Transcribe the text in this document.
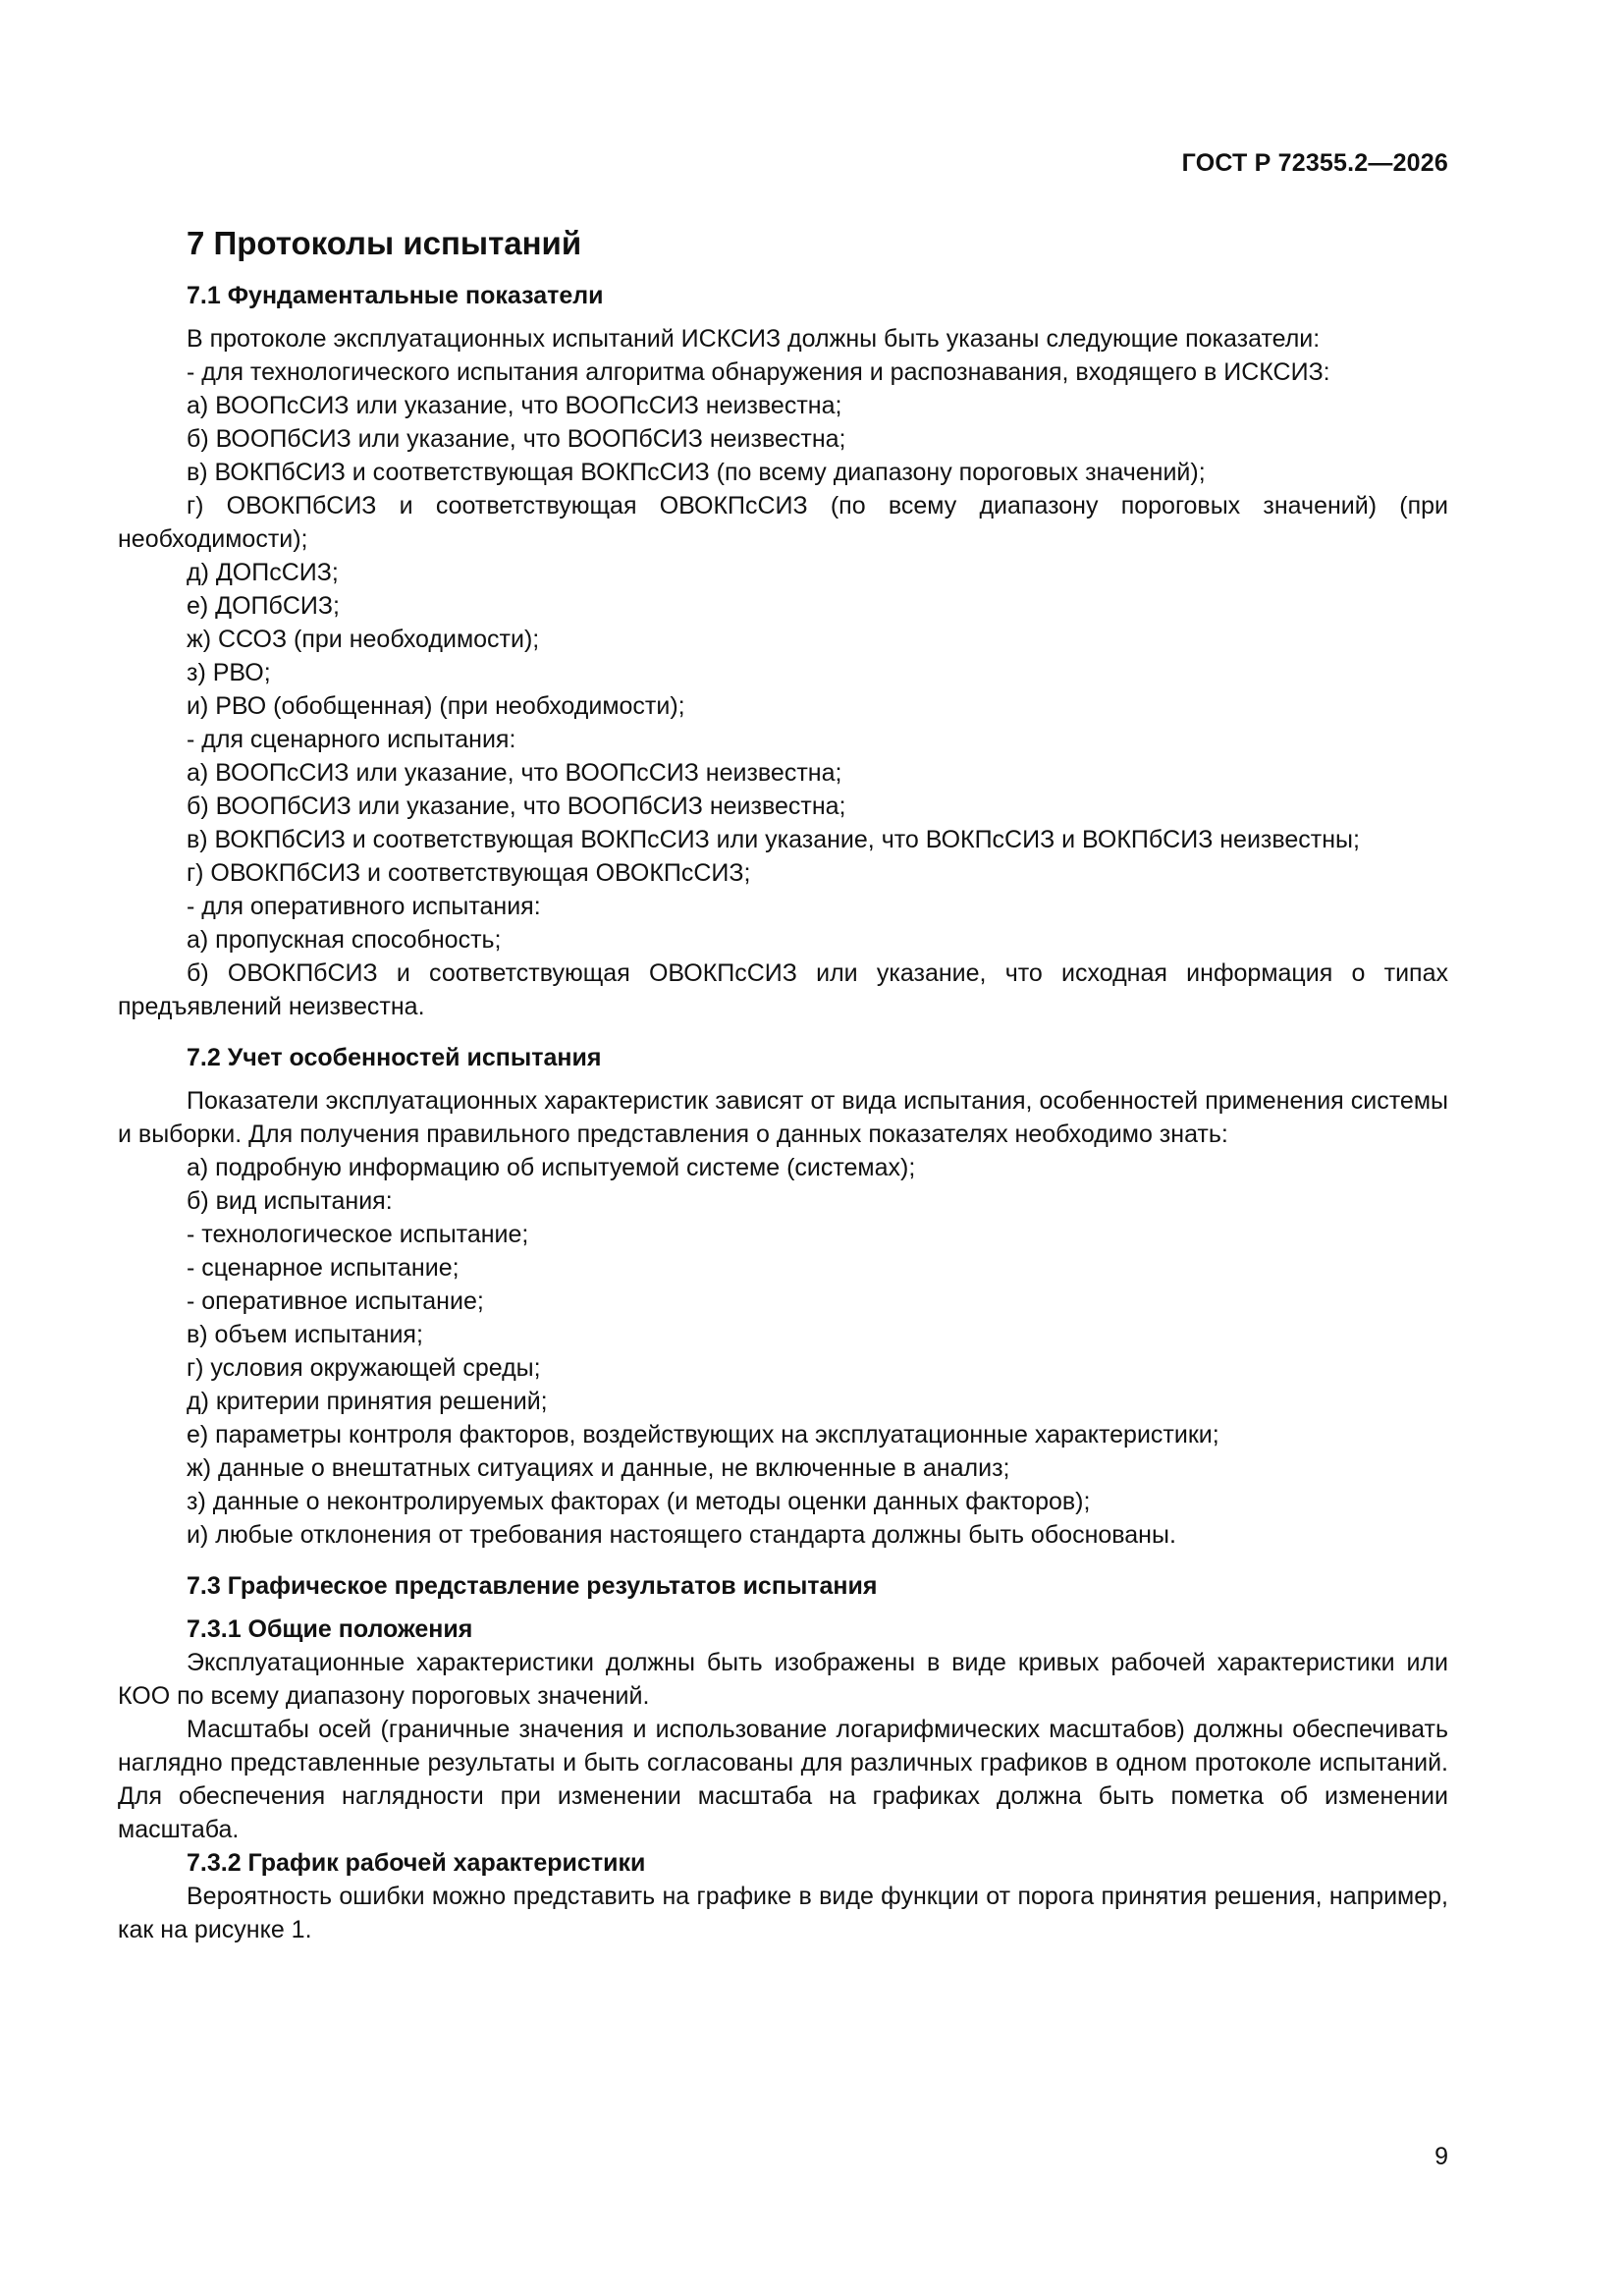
ГОСТ Р 72355.2—2026
7 Протоколы испытаний
7.1 Фундаментальные показатели

В протоколе эксплуатационных испытаний ИСКСИЗ должны быть указаны следующие показатели:

- для технологического испытания алгоритма обнаружения и распознавания, входящего в ИСКСИЗ:

а) ВООПсСИЗ или указание, что ВООПсСИЗ неизвестна;

б) ВООПбСИЗ или указание, что ВООПбСИЗ неизвестна;

в) ВОКПбСИЗ и соответствующая ВОКПсСИЗ (по всему диапазону пороговых значений);

г) ОВОКПбСИЗ и соответствующая ОВОКПсСИЗ (по всему диапазону пороговых значений) (при необходимости);

д) ДОПсСИЗ;

е) ДОПбСИЗ;

ж) ССОЗ (при необходимости);

з) РВО;

и) РВО (обобщенная) (при необходимости);

- для сценарного испытания:

а) ВООПсСИЗ или указание, что ВООПсСИЗ неизвестна;

б) ВООПбСИЗ или указание, что ВООПбСИЗ неизвестна;

в) ВОКПбСИЗ и соответствующая ВОКПсСИЗ или указание, что ВОКПсСИЗ и ВОКПбСИЗ неизвестны;

г) ОВОКПбСИЗ и соответствующая ОВОКПсСИЗ;

- для оперативного испытания:

а) пропускная способность;

б) ОВОКПбСИЗ и соответствующая ОВОКПсСИЗ или указание, что исходная информация о типах предъявлений неизвестна.

7.2 Учет особенностей испытания

Показатели эксплуатационных характеристик зависят от вида испытания, особенностей применения системы и выборки. Для получения правильного представления о данных показателях необходимо знать:

а) подробную информацию об испытуемой системе (системах);

б) вид испытания:

- технологическое испытание;

- сценарное испытание;

- оперативное испытание;

в) объем испытания;

г) условия окружающей среды;

д) критерии принятия решений;

е) параметры контроля факторов, воздействующих на эксплуатационные характеристики;

ж) данные о внештатных ситуациях и данные, не включенные в анализ;

з) данные о неконтролируемых факторах (и методы оценки данных факторов);

и) любые отклонения от требования настоящего стандарта должны быть обоснованы.

7.3 Графическое представление результатов испытания
7.3.1 Общие положения

Эксплуатационные характеристики должны быть изображены в виде кривых рабочей характеристики или КОО по всему диапазону пороговых значений.

Масштабы осей (граничные значения и использование логарифмических масштабов) должны обеспечивать наглядно представленные результаты и быть согласованы для различных графиков в одном протоколе испытаний. Для обеспечения наглядности при изменении масштаба на графиках должна быть пометка об изменении масштаба.

7.3.2 График рабочей характеристики

Вероятность ошибки можно представить на графике в виде функции от порога принятия решения, например, как на рисунке 1.

9
